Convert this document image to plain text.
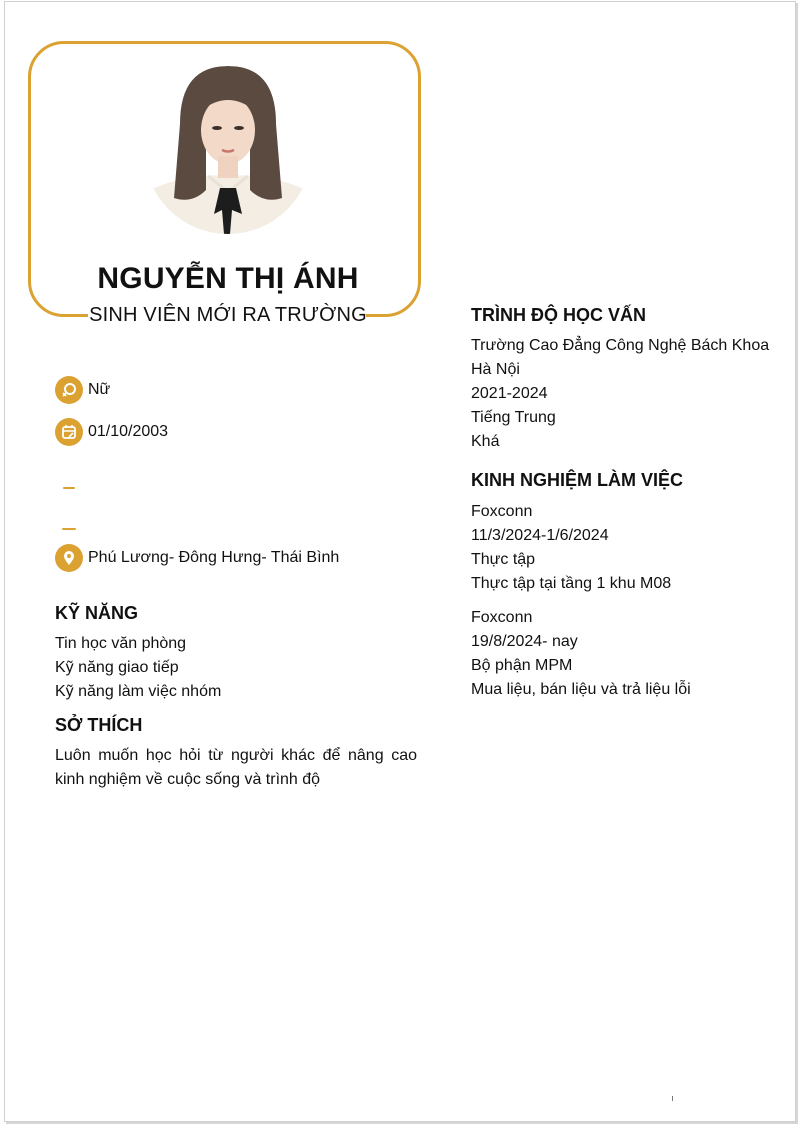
NGUYỄN THỊ ÁNH
SINH VIÊN MỚI RA TRƯỜNG
Nữ
01/10/2003
Phú Lương- Đông Hưng- Thái Bình
KỸ NĂNG
Tin học văn phòng
Kỹ năng giao tiếp
Kỹ năng làm việc nhóm
SỞ THÍCH
Luôn muốn học hỏi từ người khác để nâng cao kinh nghiệm về cuộc sống và trình độ
TRÌNH ĐỘ HỌC VẤN
Trường Cao Đẳng Công Nghệ Bách Khoa
Hà Nội
2021-2024
Tiếng Trung
Khá
KINH NGHIỆM LÀM VIỆC
Foxconn
11/3/2024-1/6/2024
Thực tập
Thực tập tại tầng 1 khu M08
Foxconn
19/8/2024- nay
Bộ phận MPM
Mua liệu, bán liệu và trả liệu lỗi
